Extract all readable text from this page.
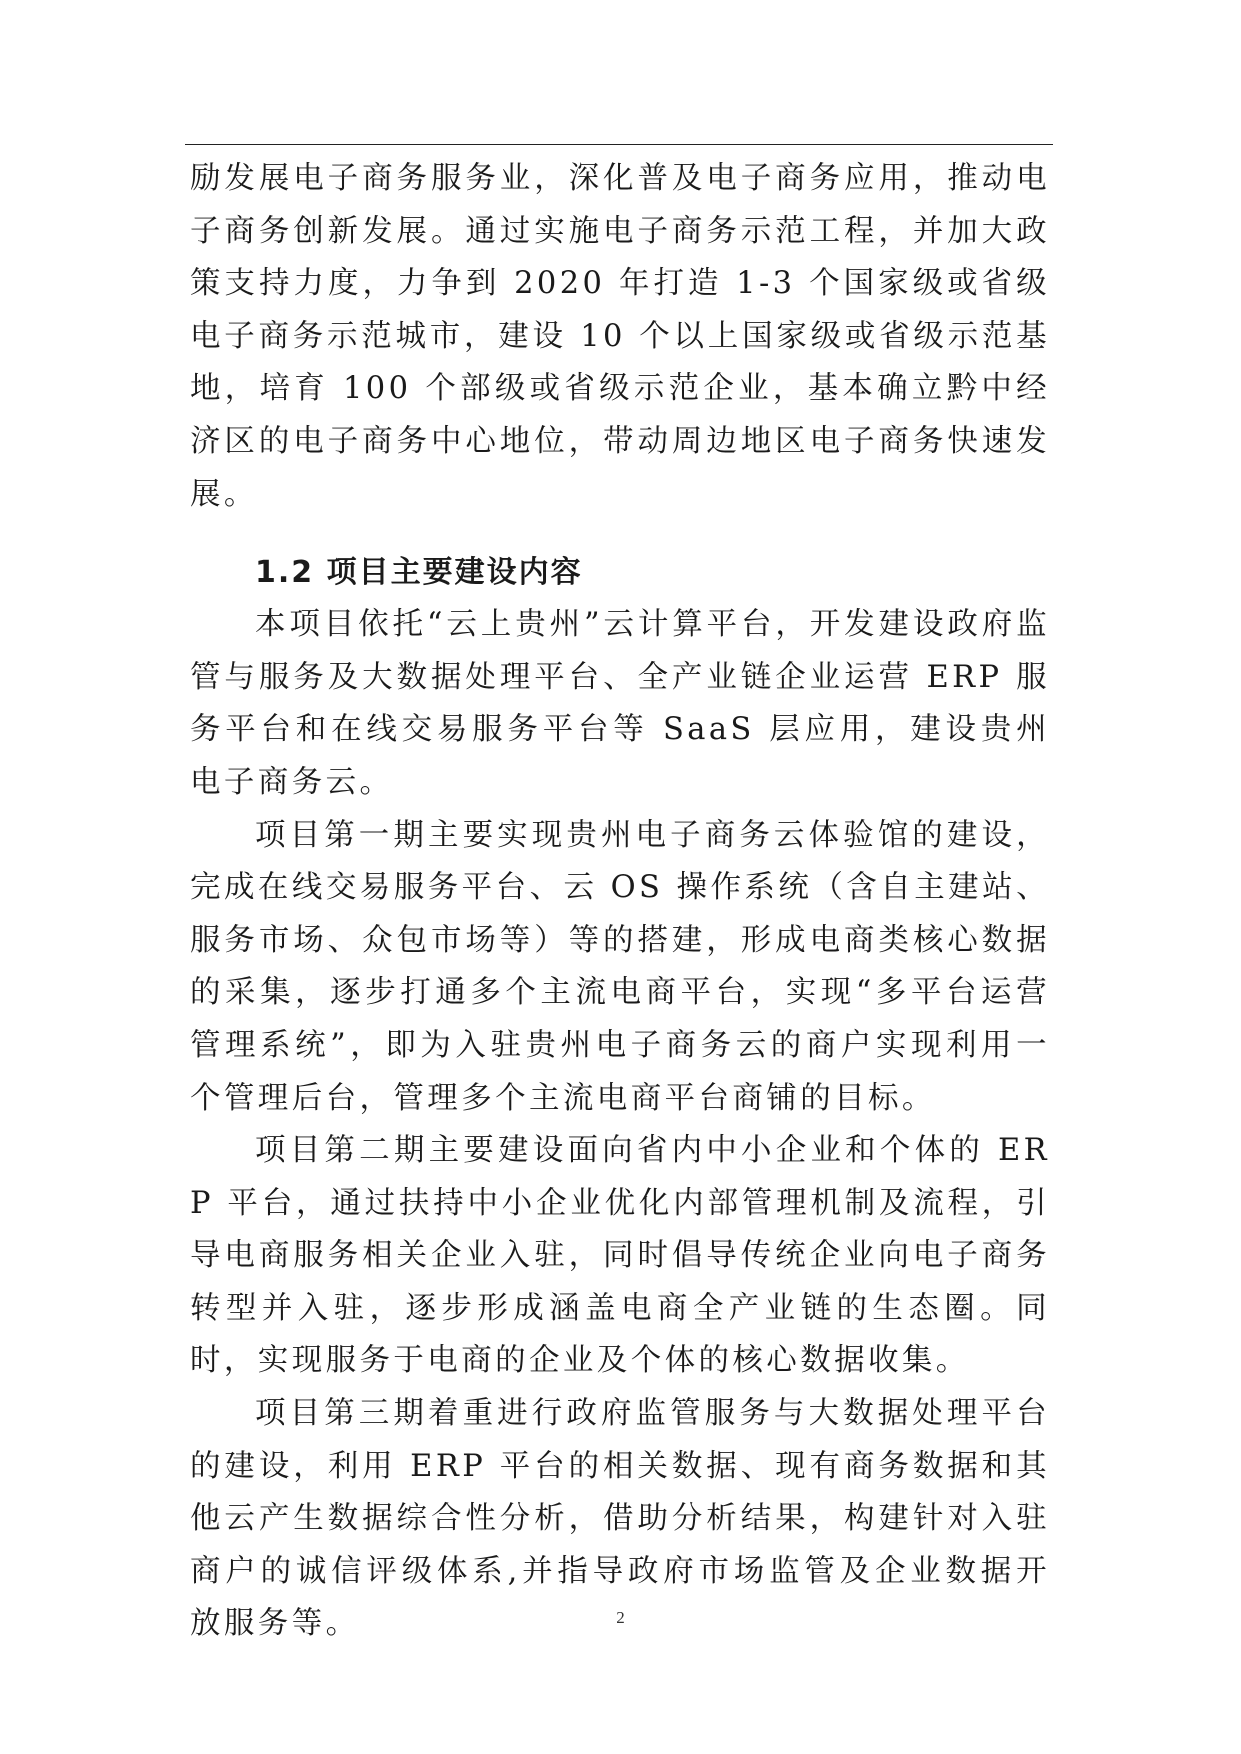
励发展电子商务服务业，深化普及电子商务应用，推动电子商务创新发展。通过实施电子商务示范工程，并加大政策支持力度，力争到 2020 年打造 1-3 个国家级或省级电子商务示范城市，建设 10 个以上国家级或省级示范基地，培育 100 个部级或省级示范企业，基本确立黔中经济区的电子商务中心地位，带动周边地区电子商务快速发展。

1.2 项目主要建设内容

本项目依托“云上贵州”云计算平台，开发建设政府监管与服务及大数据处理平台、全产业链企业运营 ERP 服务平台和在线交易服务平台等 SaaS 层应用，建设贵州电子商务云。

项目第一期主要实现贵州电子商务云体验馆的建设，完成在线交易服务平台、云 OS 操作系统（含自主建站、服务市场、众包市场等）等的搭建，形成电商类核心数据的采集，逐步打通多个主流电商平台，实现“多平台运营管理系统”，即为入驻贵州电子商务云的商户实现利用一个管理后台，管理多个主流电商平台商铺的目标。

项目第二期主要建设面向省内中小企业和个体的 ERP 平台，通过扶持中小企业优化内部管理机制及流程，引导电商服务相关企业入驻，同时倡导传统企业向电子商务转型并入驻，逐步形成涵盖电商全产业链的生态圈。同时，实现服务于电商的企业及个体的核心数据收集。

项目第三期着重进行政府监管服务与大数据处理平台的建设，利用 ERP 平台的相关数据、现有商务数据和其他云产生数据综合性分析，借助分析结果，构建针对入驻商户的诚信评级体系,并指导政府市场监管及企业数据开放服务等。	2
